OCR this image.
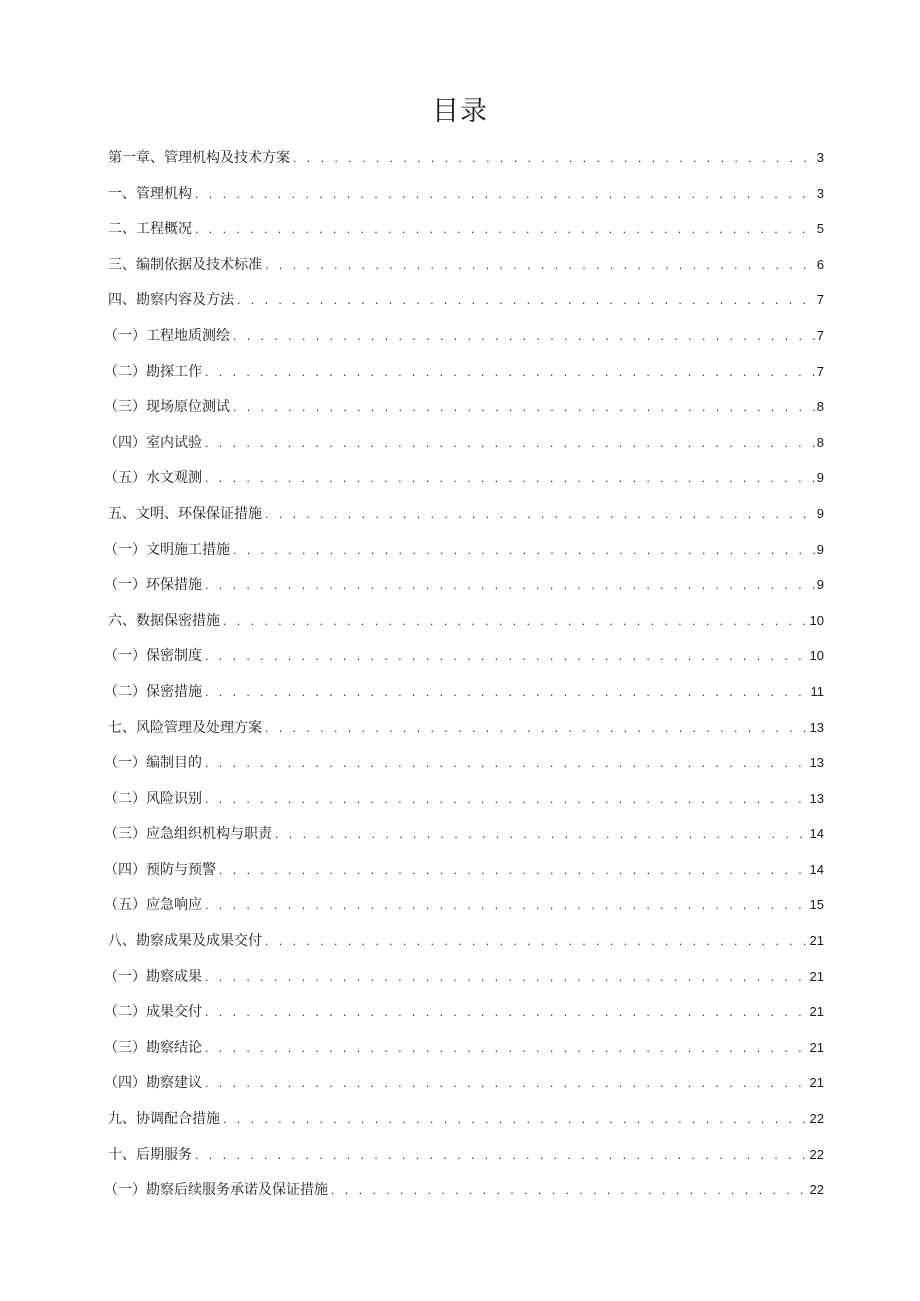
目录
第一章、管理机构及技术方案 . . .	3
一、管理机构 . . .	3
二、工程概况 . . .	5
三、编制依据及技术标准 . . .	6
四、勘察内容及方法 . . .	7
（一）工程地质测绘 . . .	7
（二）勘探工作 . . .	7
（三）现场原位测试 . . .	8
（四）室内试验 . . .	8
（五）水文观测 . . .	9
五、文明、环保保证措施 . . .	9
（一）文明施工措施 . . .	9
（一）环保措施 . . .	9
六、数据保密措施 . . .	10
（一）保密制度 . . .	10
（二）保密措施 . . .	11
七、风险管理及处理方案 . . .	13
（一）编制目的 . . .	13
（二）风险识别 . . .	13
（三）应急组织机构与职责 . . .	14
（四）预防与预警 . . .	14
（五）应急响应 . . .	15
八、勘察成果及成果交付 . . .	21
（一）勘察成果 . . .	21
（二）成果交付 . . .	21
（三）勘察结论 . . .	21
（四）勘察建议 . . .	21
九、协调配合措施 . . .	22
十、后期服务 . . .	22
（一）勘察后续服务承诺及保证措施 . . .	22
